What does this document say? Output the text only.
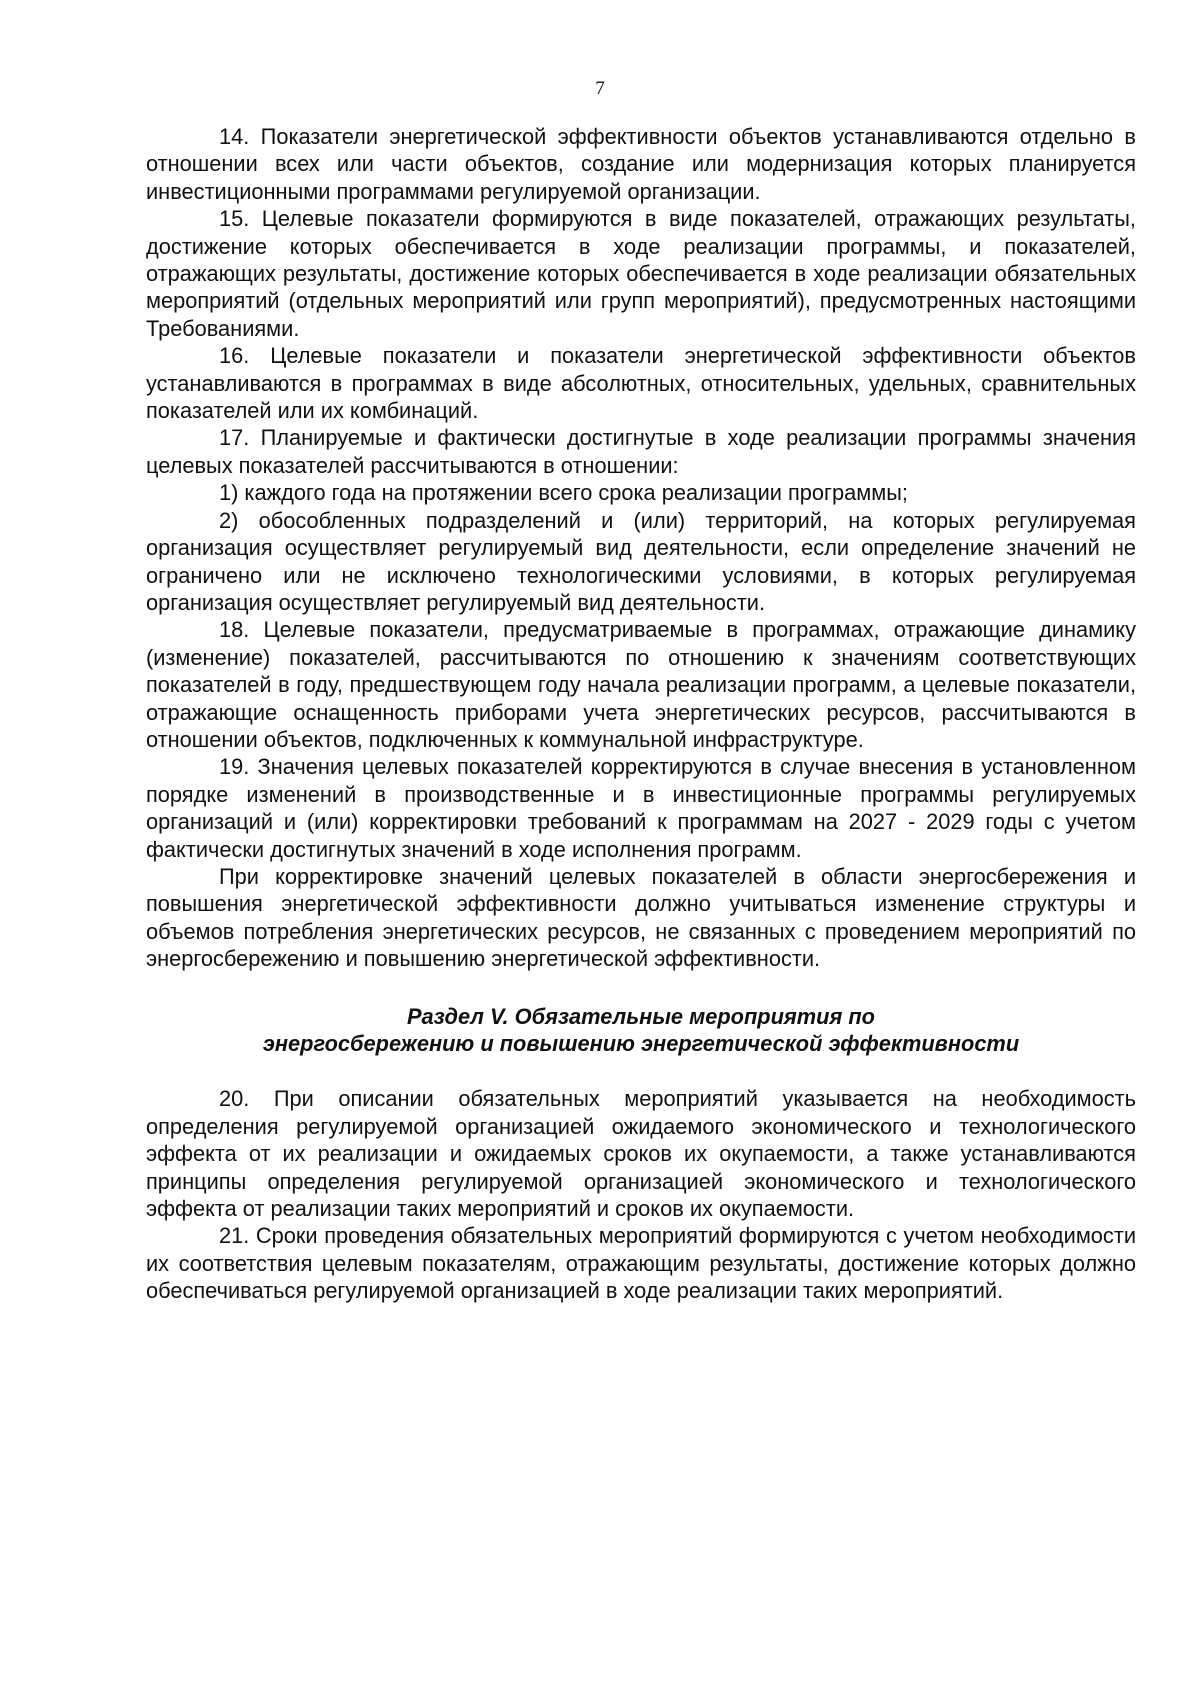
7

14. Показатели энергетической эффективности объектов устанавливаются отдельно в отношении всех или части объектов, создание или модернизация которых планируется инвестиционными программами регулируемой организации.

15. Целевые показатели формируются в виде показателей, отражающих результаты, достижение которых обеспечивается в ходе реализации программы, и показателей, отражающих результаты, достижение которых обеспечивается в ходе реализации обязательных мероприятий (отдельных мероприятий или групп мероприятий), предусмотренных настоящими Требованиями.

16. Целевые показатели и показатели энергетической эффективности объектов устанавливаются в программах в виде абсолютных, относительных, удельных, сравнительных показателей или их комбинаций.

17. Планируемые и фактически достигнутые в ходе реализации программы значения целевых показателей рассчитываются в отношении:

1) каждого года на протяжении всего срока реализации программы;

2) обособленных подразделений и (или) территорий, на которых регулируемая организация осуществляет регулируемый вид деятельности, если определение значений не ограничено или не исключено технологическими условиями, в которых регулируемая организация осуществляет регулируемый вид деятельности.

18. Целевые показатели, предусматриваемые в программах, отражающие динамику (изменение) показателей, рассчитываются по отношению к значениям соответствующих показателей в году, предшествующем году начала реализации программ, а целевые показатели, отражающие оснащенность приборами учета энергетических ресурсов, рассчитываются в отношении объектов, подключенных к коммунальной инфраструктуре.

19. Значения целевых показателей корректируются в случае внесения в установленном порядке изменений в производственные и в инвестиционные программы регулируемых организаций и (или) корректировки требований к программам на 2027 - 2029 годы с учетом фактически достигнутых значений в ходе исполнения программ.

При корректировке значений целевых показателей в области энергосбережения и повышения энергетической эффективности должно учитываться изменение структуры и объемов потребления энергетических ресурсов, не связанных с проведением мероприятий по энергосбережению и повышению энергетической эффективности.

Раздел V. Обязательные мероприятия по
энергосбережению и повышению энергетической эффективности

20. При описании обязательных мероприятий указывается на необходимость определения регулируемой организацией ожидаемого экономического и технологического эффекта от их реализации и ожидаемых сроков их окупаемости, а также устанавливаются принципы определения регулируемой организацией экономического и технологического эффекта от реализации таких мероприятий и сроков их окупаемости.

21. Сроки проведения обязательных мероприятий формируются с учетом необходимости их соответствия целевым показателям, отражающим результаты, достижение которых должно обеспечиваться регулируемой организацией в ходе реализации таких мероприятий.
